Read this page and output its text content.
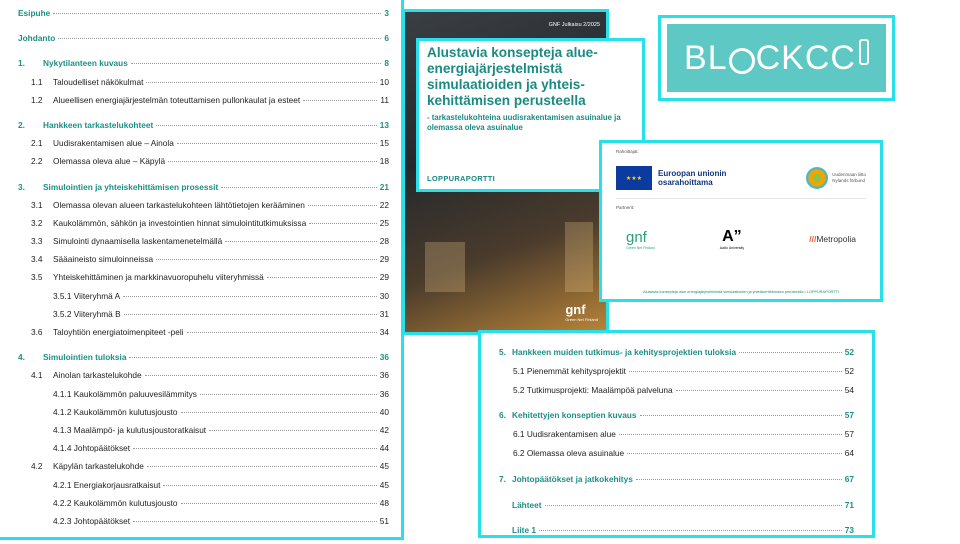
Esipuhe	3
Johdanto	6
1.	Nykytilanteen kuvaus	8
1.1	Taloudelliset näkökulmat	10
1.2	Alueellisen energiajärjestelmän toteuttamisen pullonkaulat ja esteet	11
2.	Hankkeen tarkastelukohteet	13
2.1	Uudisrakentamisen alue – Ainola	15
2.2	Olemassa oleva alue – Käpylä	18
3.	Simulointien ja yhteiskehittämisen prosessit	21
3.1	Olemassa olevan alueen tarkastelukohteen lähtötietojen kerääminen	22
3.2	Kaukolämmön, sähkön ja investointien hinnat simulointitutkimuksissa	25
3.3	Simulointi dynaamisella laskentamenetelmällä	28
3.4	Sääaineisto simuloinneissa	29
3.5	Yhteiskehittäminen ja markkinavuoropuhelu viiteryhmissä	29
3.5.1 Viiteryhmä A	30
3.5.2 Viiteryhmä B	31
3.6	Taloyhtiön energiatoimenpiteet -peli	34
4.	Simulointien tuloksia	36
4.1	Ainolan tarkastelukohde	36
4.1.1 Kaukolämmön paluuvesilämmitys	36
4.1.2 Kaukolämmön kulutusjousto	40
4.1.3 Maalämpö- ja kulutusjoustoratkaisut	42
4.1.4 Johtopäätökset	44
4.2	Käpylän tarkastelukohde	45
4.2.1 Energiakorjausratkaisut	45
4.2.2 Kaukolämmön kulutusjousto	48
4.2.3 Johtopäätökset	51
GNF Julkaisu 2/2025
gnf
Green Net Finland

Alustavia konsepteja alue-energiajärjestelmistä simulaatioiden ja yhteis-kehittämisen perusteella

- tarkastelukohteina uudisrakentamisen asuinalue ja olemassa oleva asuinalue
LOPPURAPORTTI
BL CKCC
Rahoittajat:
★★★
Euroopan unionin
osarahoittama
Uudenmaan liitto
Nylands förbund
Partnerit:
gnf
Green Net Finland
A”
Aalto University
///Metropolia
Alustavia konsepteja alue-energiajärjestelmistä simulaatioiden ja yhteiskehittämisen perusteella • LOPPURAPORTTI
5. Hankkeen muiden tutkimus- ja kehitysprojektien tuloksia	52
5.1 Pienemmät kehitysprojektit	52
5.2 Tutkimusprojekti: Maalämpöä palveluna	54
6. Kehitettyjen konseptien kuvaus	57
6.1 Uudisrakentamisen alue	57
6.2 Olemassa oleva asuinalue	64
7. Johtopäätökset ja jatkokehitys	67
Lähteet	71
Liite 1	73
